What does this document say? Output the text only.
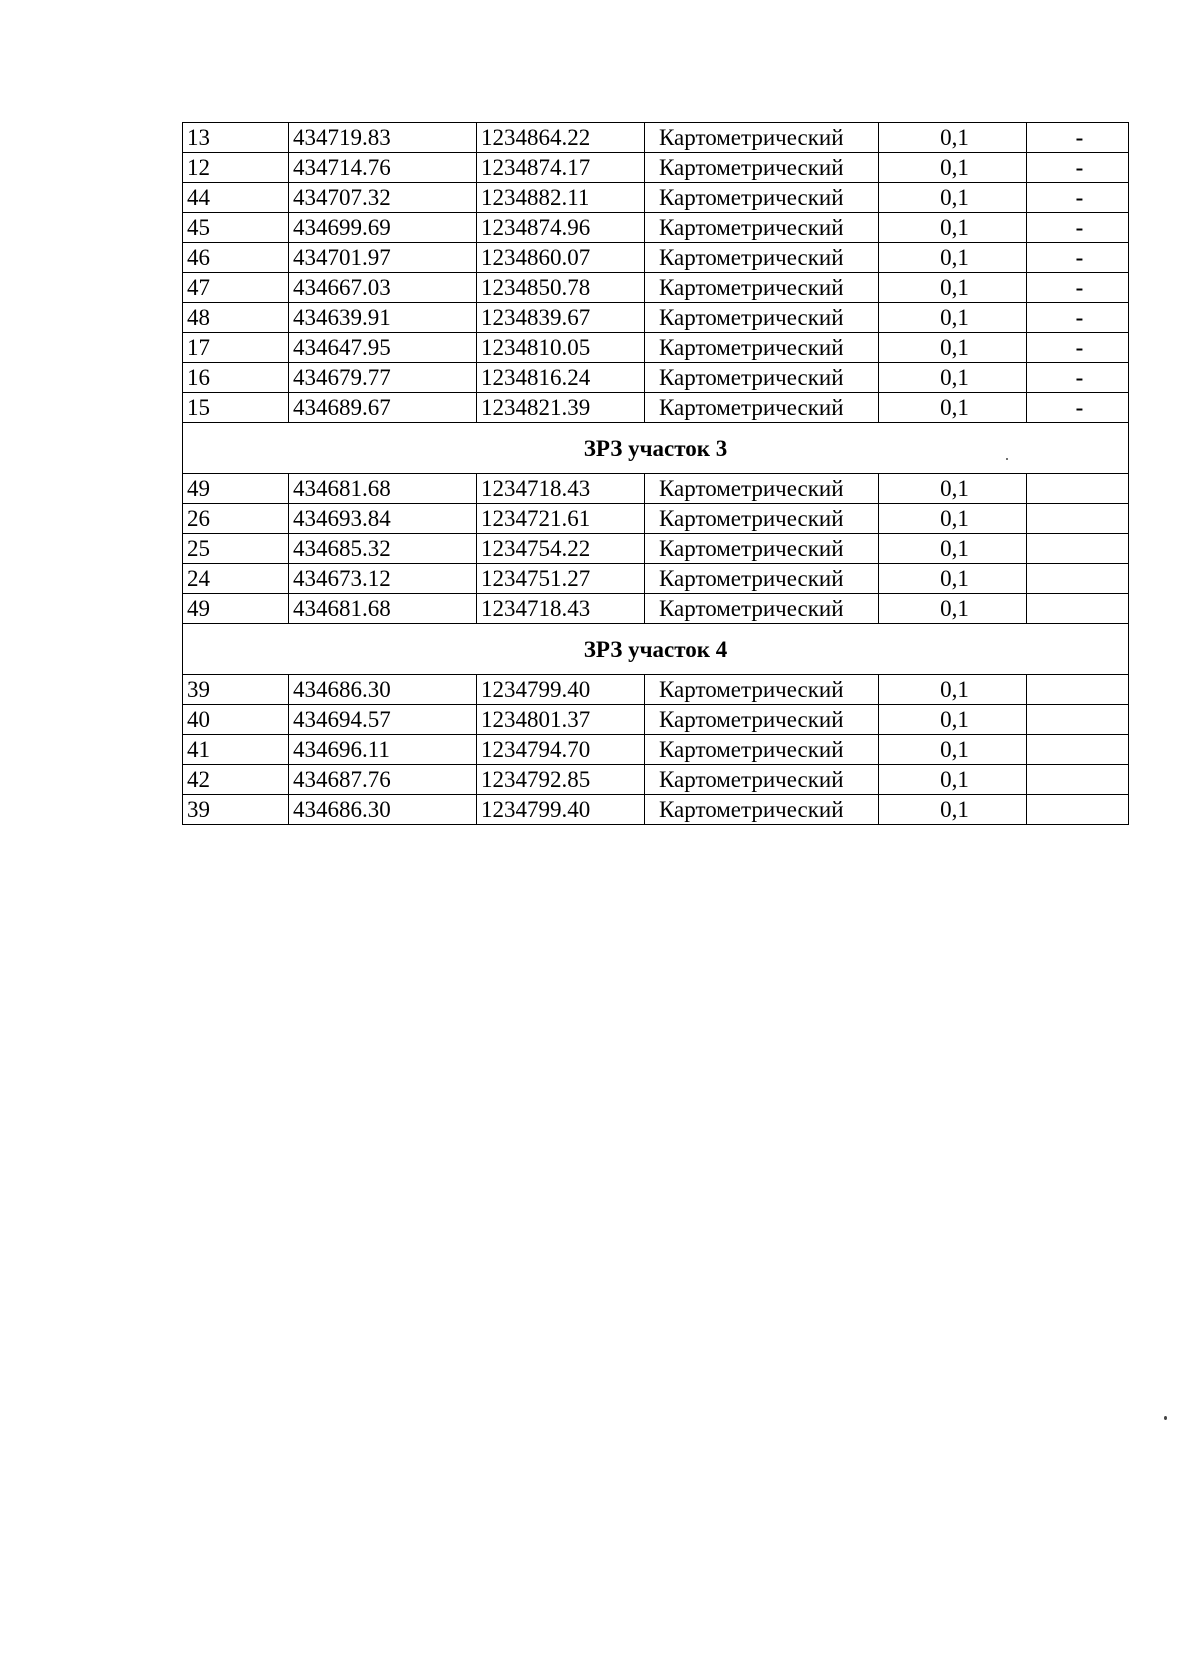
13	434719.83	1234864.22	Картометрический	0,1	-
12	434714.76	1234874.17	Картометрический	0,1	-
44	434707.32	1234882.11	Картометрический	0,1	-
45	434699.69	1234874.96	Картометрический	0,1	-
46	434701.97	1234860.07	Картометрический	0,1	-
47	434667.03	1234850.78	Картометрический	0,1	-
48	434639.91	1234839.67	Картометрический	0,1	-
17	434647.95	1234810.05	Картометрический	0,1	-
16	434679.77	1234816.24	Картометрический	0,1	-
15	434689.67	1234821.39	Картометрический	0,1	-
ЗРЗ участок 3					
49	434681.68	1234718.43	Картометрический	0,1	
26	434693.84	1234721.61	Картометрический	0,1	
25	434685.32	1234754.22	Картометрический	0,1	
24	434673.12	1234751.27	Картометрический	0,1	
49	434681.68	1234718.43	Картометрический	0,1	
ЗРЗ участок 4					
39	434686.30	1234799.40	Картометрический	0,1	
40	434694.57	1234801.37	Картометрический	0,1	
41	434696.11	1234794.70	Картометрический	0,1	
42	434687.76	1234792.85	Картометрический	0,1	
39	434686.30	1234799.40	Картометрический	0,1	
